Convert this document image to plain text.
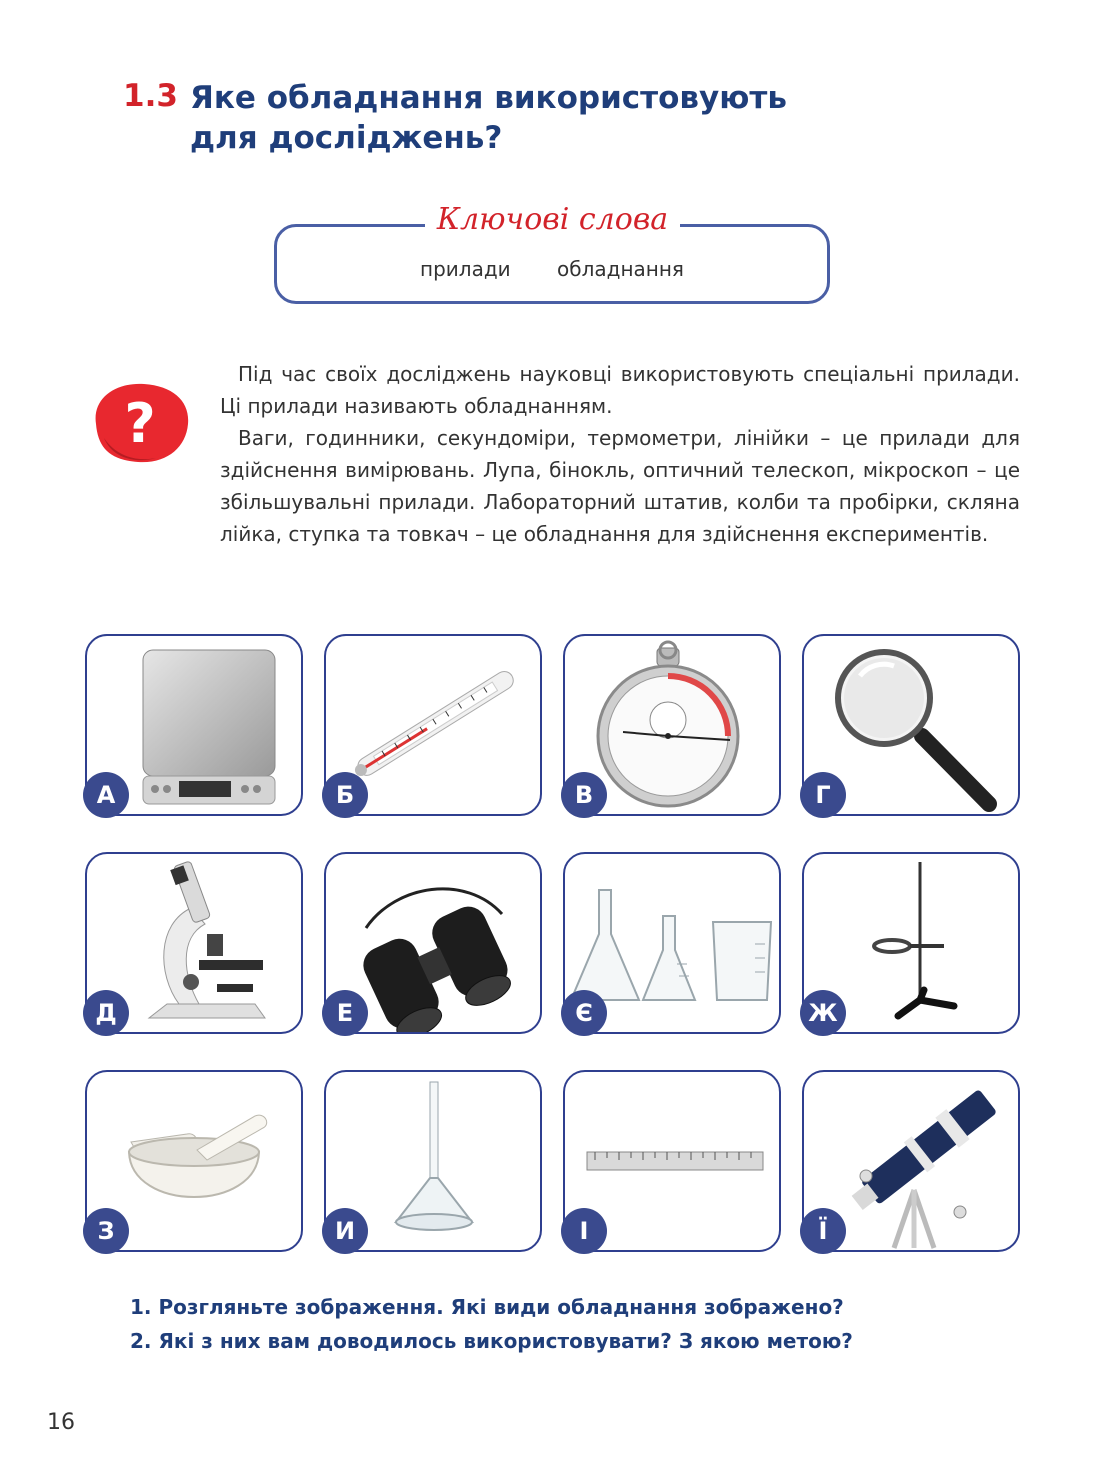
1.3 Яке обладнання використовують
для досліджень?
Ключові слова
прилади обладнання
?

Під час своїх досліджень науковці використовують спеціальні прилади. Ці прилади називають обладнанням.

Ваги, годинники, секундоміри, термометри, лінійки – це прилади для здійснення вимірювань. Лупа, бінокль, оптичний телескоп, мікроскоп – це збільшувальні прилади. Лабораторний штатив, колби та пробірки, скляна лійка, ступка та товкач – це обладнання для здійснення експериментів.

А	Б	В	Г
Д	Е	Є	Ж
З	И	І	Ї
1. Розгляньте зображення. Які види обладнання зображено?
2. Які з них вам доводилось використовувати? З якою метою?
16
